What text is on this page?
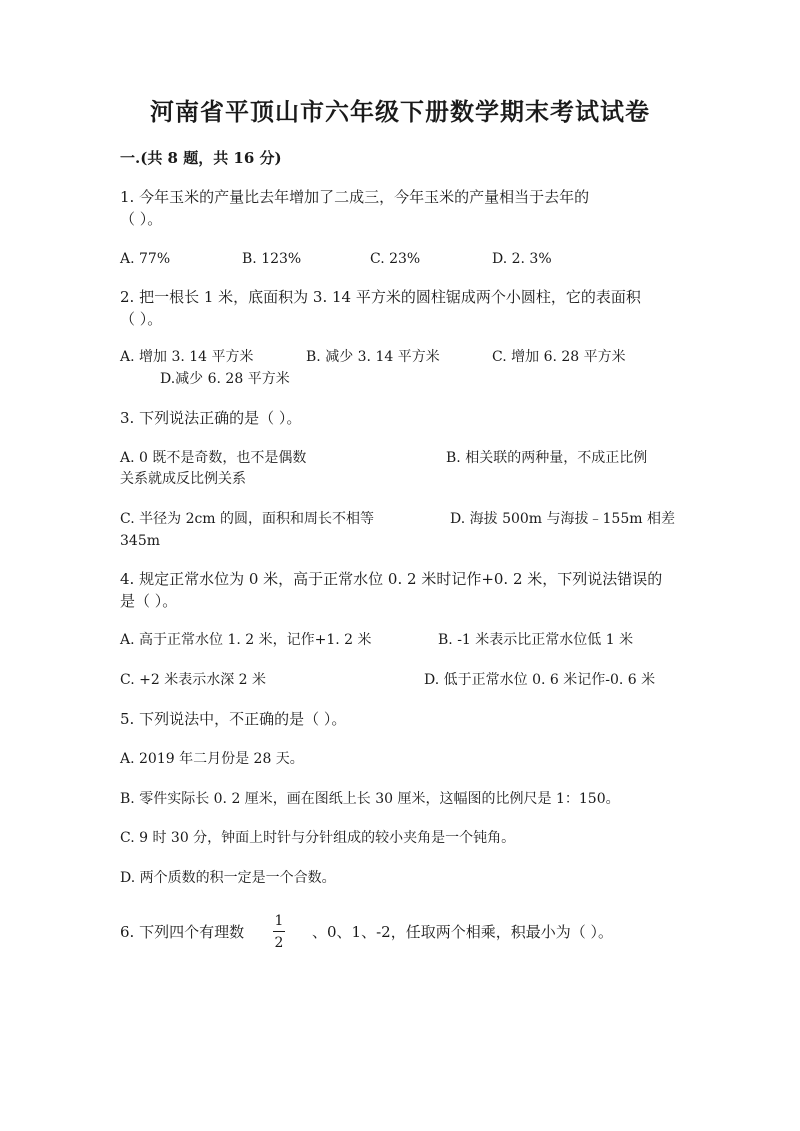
河南省平顶山市六年级下册数学期末考试试卷
一.(共 8 题，共 16 分)
1. 今年玉米的产量比去年增加了二成三，今年玉米的产量相当于去年的
（ ）。
A. 77%	B. 123%	C. 23%	D. 2. 3%
2. 把一根长 1 米，底面积为 3. 14 平方米的圆柱锯成两个小圆柱，它的表面积
（ ）。
A. 增加 3. 14 平方米	B. 减少 3. 14 平方米	C. 增加 6. 28 平方米
D.减少 6. 28 平方米
3. 下列说法正确的是（ ）。
A. 0 既不是奇数，也不是偶数	B. 相关联的两种量，不成正比例
关系就成反比例关系
C. 半径为 2cm 的圆，面积和周长不相等	D. 海拔 500m 与海拔﹣155m 相差
345m
4. 规定正常水位为 0 米，高于正常水位 0. 2 米时记作+0. 2 米，下列说法错误的
是（ ）。
A. 高于正常水位 1. 2 米，记作+1. 2 米	B. -1 米表示比正常水位低 1 米
C. +2 米表示水深 2 米	D. 低于正常水位 0. 6 米记作-0. 6 米
5. 下列说法中，不正确的是（ ）。
A. 2019 年二月份是 28 天。
B. 零件实际长 0. 2 厘米，画在图纸上长 30 厘米，这幅图的比例尺是 1：150。
C. 9 时 30 分，钟面上时针与分针组成的较小夹角是一个钝角。
D. 两个质数的积一定是一个合数。
6. 下列四个有理数
1
2
、0、1、-2，任取两个相乘，积最小为（ ）。
